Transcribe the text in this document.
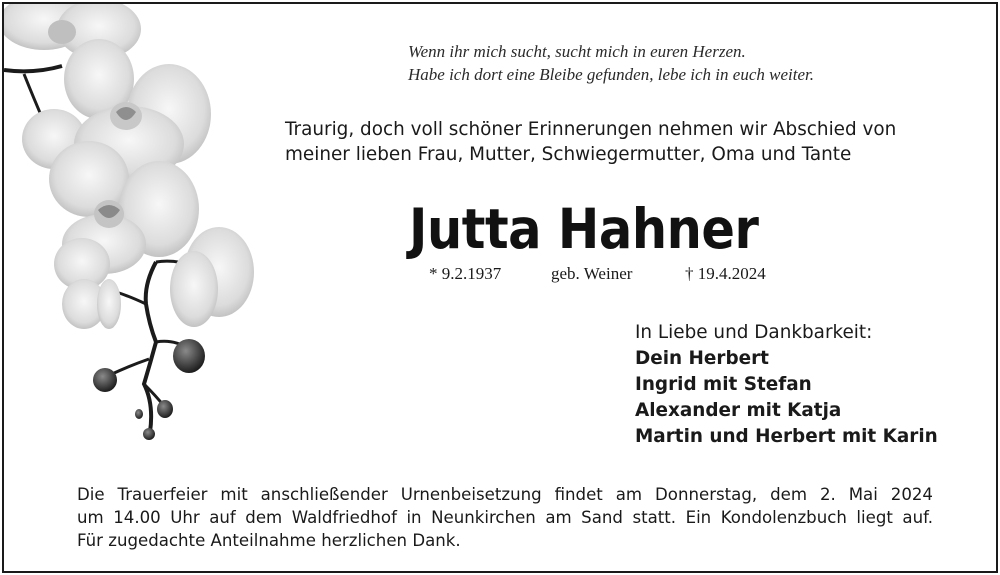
Wenn ihr mich sucht, sucht mich in euren Herzen.
Habe ich dort eine Bleibe gefunden, lebe ich in euch weiter.
Traurig, doch voll schöner Erinnerungen nehmen wir Abschied von
meiner lieben Frau, Mutter, Schwiegermutter, Oma und Tante
Jutta Hahner
* 9.2.1937	geb. Weiner	† 19.4.2024
In Liebe und Dankbarkeit:
Dein Herbert
Ingrid mit Stefan
Alexander mit Katja
Martin und Herbert mit Karin
Die Trauerfeier mit anschließender Urnenbeisetzung findet am Donnerstag, dem 2. Mai 2024
um 14.00 Uhr auf dem Waldfriedhof in Neunkirchen am Sand statt. Ein Kondolenzbuch liegt auf.
Für zugedachte Anteilnahme herzlichen Dank.
